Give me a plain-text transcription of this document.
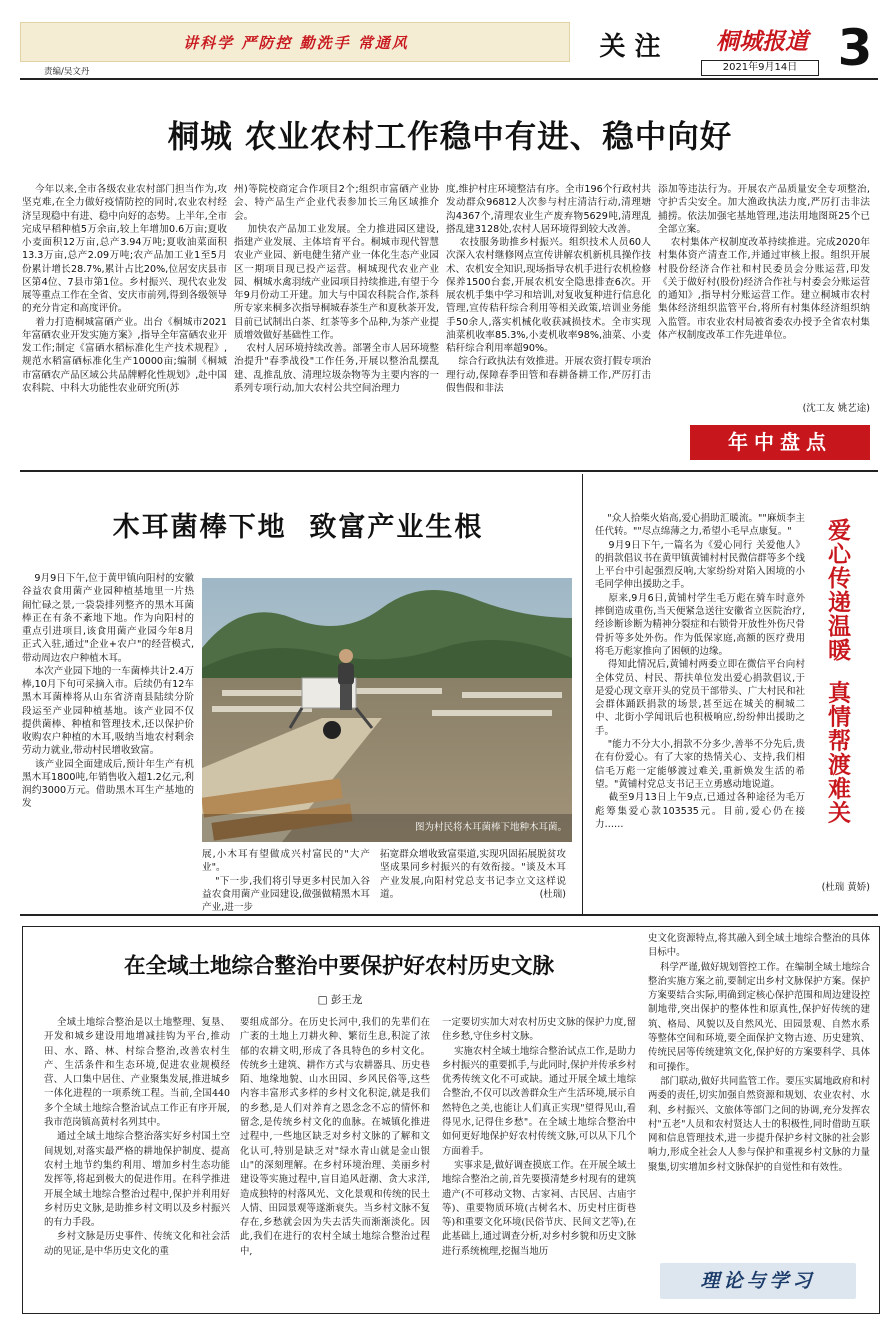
讲科学 严防控 勤洗手 常通风	关 注	桐城报道
2021年9月14日 3
责编/吴文丹
桐城 农业农村工作稳中有进、稳中向好
今年以来,全市各级农业农村部门担当作为,攻坚克难,在全力做好疫情防控的同时,农业农村经济呈现稳中有进、稳中向好的态势。上半年,全市完成早稻种植5万余亩,较上年增加0.6万亩;夏收小麦面积12万亩,总产3.94万吨;夏收油菜面积13.3万亩,总产2.09万吨;农产品加工业1至5月份累计增长28.7%,累计占比20%,位居安庆县市区第4位、7县市第1位。乡村振兴、现代农业发展等重点工作在全省、安庆市前列,得到各级领导的充分肯定和高度评价。
着力打造桐城富硒产业。出台《桐城市2021年富硒农业开发实施方案》,指导全年富硒农业开发工作;制定《富硒水稻标准化生产技术规程》,规范水稻富硒标准化生产10000亩;编制《桐城市富硒农产品区域公共品牌孵化性规划》,赴中国农科院、中科大功能性农业研究所(苏
州)等院校商定合作项目2个;组织市富硒产业协会、特产品生产企业代表参加长三角区域推介会。
加快农产品加工业发展。全力推进园区建设,指建产业发展、主体培育平台。桐城市现代智慧农业产业园、新电健生猪产业一体化生态产业园区一期项目现已投产运营。桐城现代农业产业园、桐城水禽羽绒产业园项目持续推进,有望于今年9月份动工开建。加大与中国农科院合作,茶科所专家来桐多次指导桐城春茶生产和夏秋茶开发,目前已试制出白茶、红茶等多个品种,为茶产业提质增效做好基础性工作。
农村人居环境持续改善。部署全市人居环境整治提升"春季战役"工作任务,开展以整治乱摆乱建、乱推乱放、清理垃圾杂物等为主要内容的一系列专项行动,加大农村公共空间治理力
度,维护村庄环境整洁有序。全市196个行政村共发动群众96812人次参与村庄清洁行动,清理塘沟4367个,清理农业生产废弃物5629吨,清理乱搭乱建3128处,农村人居环境得到较大改善。
农技服务助推乡村振兴。组织技术人员60人次深入农村继修网点宣传讲解农机新机具操作技术、农机安全知识,现场指导农机手进行农机检修保养1500台套,开展农机安全隐患排查6次。开展农机手集中学习和培训,对复收复种进行信息化管理,宣传秸秆综合利用等相关政策,培训业务能手50余人,落实机械化收获减损技术。全市实现油菜机收率85.3%,小麦机收率98%,油菜、小麦秸秆综合利用率超90%。
综合行政执法有效推进。开展农资打假专项治理行动,保障春季田管和春耕备耕工作,严厉打击假售假和非法
添加等违法行为。开展农产品质量安全专项整治,守护舌尖安全。加大渔政执法力度,严厉打击非法捕捞。依法加强宅基地管理,违法用地图斑25个已全部立案。
农村集体产权制度改革持续推进。完成2020年村集体资产清查工作,并通过审核上报。组织开展村股份经济合作社和村民委员会分账运营,印发《关于做好村(股份)经济合作社与村委会分账运营的通知》,指导村分账运营工作。建立桐城市农村集体经济组织监管平台,将所有村集体经济组织纳入监管。市农业农村局被省委农办授予全省农村集体产权制度改革工作先进单位。
(沈工友 姚艺途)
年中盘点
木耳菌棒下地  致富产业生根
9月9日下午,位于黄甲镇向阳村的安徽谷益农食用菌产业园种植基地里一片热闹忙碌之景,一袋袋排列整齐的黑木耳菌棒正在有条不紊地下地。作为向阳村的重点引进项目,该食用菌产业园今年8月正式入驻,通过"企业+农户"的经营模式,带动周边农户种植木耳。
本次产业园下地的一车菌棒共计2.4万棒,10月下旬可采摘入市。后续仍有12车黑木耳菌棒将从山东省济南县陆续分阶段运至产业园种植基地。该产业园不仅提供菌棒、种植和管理技术,还以保护价收购农户种植的木耳,吸纳当地农村剩余劳动力就业,带动村民增收致富。
该产业园全面建成后,预计年生产有机黑木耳1800吨,年销售收入超1.2亿元,利润约3000万元。借助黑木耳生产基地的发
图为村民将木耳菌棒下地种木耳菌。
展,小木耳有望做成兴村富民的"大产业"。
"下一步,我们将引导更多村民加入谷益农食用菌产业园建设,做强做精黑木耳产业,进一步
拓宽群众增收致富渠道,实现巩固拓展脱贫攻坚成果同乡村振兴的有效衔接。"谈及木耳产业发展,向阳村党总支书记李立文这样说道。	(杜瑞)
"众人拾柴火焰高,爱心捐助汇暖流。""麻烦李主任代转。""尽点绵薄之力,希望小毛早点康复。"
9月9日下午,一篇名为《爱心同行 关爱他人》的捐款倡议书在黄甲镇黄铺村村民微信群等多个线上平台中引起强烈反响,大家纷纷对陷入困境的小毛同学伸出援助之手。
原来,9月6日,黄铺村学生毛万彪在骑车时意外摔倒造成重伤,当天便紧急送往安徽省立医院治疗,经诊断诊断为精神分裂症和右锁骨开放性外伤尺骨骨折等多处外伤。作为低保家庭,高额的医疗费用将毛万彪家推向了困顿的边缘。
得知此情况后,黄铺村两委立即在微信平台向村全体党员、村民、帮扶单位发出爱心捐款倡议,于是爱心现文章开头的党员干部带头、广大村民和社会群体踊跃捐款的场景,甚至远在城关的桐城二中、北街小学闻讯后也积极响应,纷纷伸出援助之手。
"能力不分大小,捐款不分多少,善举不分先后,贵在有份爱心。有了大家的热情关心、支持,我们相信毛万彪一定能够渡过难关,重新焕发生活的希望。"黄铺村党总支书记王立勇感动地说道。
截至9月13日上午9点,已通过各种途径为毛万彪筹集爱心款103535元。目前,爱心仍在接力……
(杜瑞 黄娇)
爱心传递温暖  真情帮渡难关
在全域土地综合整治中要保护好农村历史文脉
□ 彭王龙
全域土地综合整治是以土地整理、复垦、开发和城乡建设用地增减挂钩为平台,推动田、水、路、林、村综合整治,改善农村生产、生活条件和生态环境,促进农业规模经营、人口集中居住、产业聚集发展,推进城乡一体化进程的一项系统工程。当前,全国440多个全域土地综合整治试点工作正有序开展,我市范岗镇高黄村名列其中。
通过全域土地综合整治落实好乡村国土空间规划,对落实最严格的耕地保护制度、提高农村土地节约集约利用、增加乡村生态功能发挥等,将起到极大的促进作用。在科学推进开展全域土地综合整治过程中,保护并利用好乡村历史文脉,是助推乡村文明以及乡村振兴的有力手段。
乡村文脉是历史事件、传统文化和社会活动的见证,是中华历史文化的重
要组成部分。在历史长河中,我们的先辈们在广袤的土地上刀耕火种、繁衍生息,积淀了浓郁的农耕文明,形成了各具特色的乡村文化。传统乡土建筑、耕作方式与农耕器具、历史巷陌、地缘地貌、山水田园、乡风民俗等,这些内容丰富形式多样的乡村文化积淀,就是我们的乡愁,是人们对养育之恩念念不忘的情怀和留念,是传统乡村文化的血脉。在城镇化推进过程中,一些地区缺乏对乡村文脉的了解和文化认可,特别是缺乏对"绿水青山就是金山银山"的深刻理解。在乡村环境治理、美丽乡村建设等实施过程中,盲目追风赶潮、贪大求洋,造成独特的村落风光、文化景观和传统的民土人情、田园景观等遂渐衰失。当乡村文脉不复存在,乡愁就会因为失去活失而渐渐淡化。因此,我们在进行的农村全域土地综合整治过程中,
一定要切实加大对农村历史文脉的保护力度,留住乡愁,守住乡村文脉。
实施农村全域土地综合整治试点工作,是助力乡村振兴的重要抓手,与此同时,保护并传承乡村优秀传统文化不可或缺。通过开展全域土地综合整治,不仅可以改善群众生产生活环境,展示自然特色之美,也能让人们真正实现"望得见山,看得见水,记得住乡愁"。在全域土地综合整治中如何更好地保护好农村传统文脉,可以从下几个方面着手。
实事求是,做好调查摸底工作。在开展全域土地综合整治之前,首先要摸清楚乡村现有的建筑遗产(不可移动文物、古家祠、古民居、古庙宇等)、重要物质环境(古树名木、历史村庄街巷等)和重要文化环境(民俗节庆、民间文艺等),在此基础上,通过调查分析,对乡村乡貌和历史文脉进行系统梳理,挖掘当地历
史文化资源特点,将其融入到全域土地综合整治的具体目标中。
科学严谨,做好规划管控工作。在编制全域土地综合整治实施方案之前,要制定出乡村文脉保护方案。保护方案要结合实际,明确到定核心保护范围和周边建设控制地带,突出保护的整体性和原真性,保护好传统的建筑、格局、风貌以及自然风光、田园景观、自然水系等整体空间和环境,要全面保护文物古迹、历史建筑、传统民居等传统建筑文化,保护好的方案要科学、具体和可操作。
部门联动,做好共同监管工作。要压实属地政府和村两委的责任,切实加强自然资源和规划、农业农村、水利、乡村振兴、文旅体等部门之间的协调,充分发挥农村"五老"人员和农村贤达人士的积极性,同时借助互联网和信息管理技术,进一步提升保护乡村文脉的社会影响力,形成全社会人人参与保护和重视乡村文脉的力量聚集,切实增加乡村文脉保护的自觉性和有效性。
理论与学习
